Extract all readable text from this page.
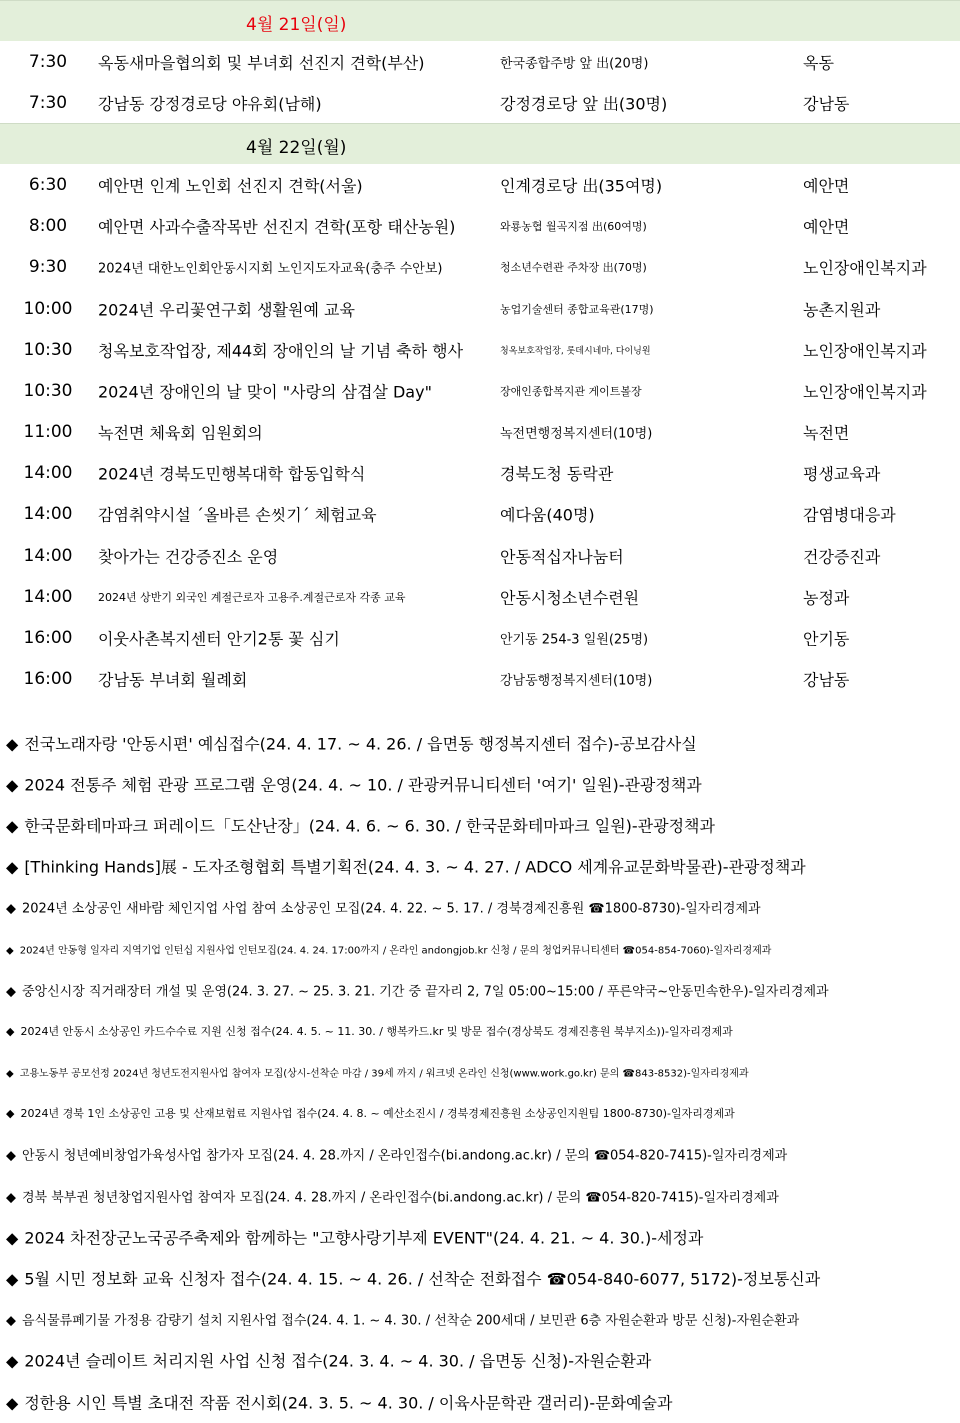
4월 21일(일)
7:30	옥동새마을협의회 및 부녀회 선진지 견학(부산)	한국종합주방 앞 出(20명)	옥동
7:30	강남동 강정경로당 야유회(남해)	강정경로당 앞 出(30명)	강남동
4월 22일(월)
6:30	예안면 인계 노인회 선진지 견학(서울)	인계경로당 出(35여명)	예안면
8:00	예안면 사과수출작목반 선진지 견학(포항 태산농원)	와룡농협 월곡지점 出(60여명)	예안면
9:30	2024년 대한노인회안동시지회 노인지도자교육(충주 수안보)	청소년수련관 주차장 出(70명)	노인장애인복지과
10:00 2024년 우리꽃연구회 생활원예 교육	농업기술센터 종합교육관(17명)	농촌지원과
10:30 청옥보호작업장, 제44회 장애인의 날 기념 축하 행사	청옥보호작업장, 롯데시네마, 다이닝원	노인장애인복지과
10:30 2024년 장애인의 날 맞이 "사랑의 삼겹살 Day"	장애인종합복지관 게이트볼장	노인장애인복지과
11:00 녹전면 체육회 임원회의	녹전면행정복지센터(10명)	녹전면
14:00 2024년 경북도민행복대학 합동입학식	경북도청 동락관	평생교육과
14:00 감염취약시설 ´올바른 손씻기´ 체험교육	예다움(40명)	감염병대응과
14:00 찾아가는 건강증진소 운영	안동적십자나눔터	건강증진과
14:00 2024년 상반기 외국인 계절근로자 고용주.계절근로자 각종 교육	안동시청소년수련원	농정과
16:00 이웃사촌복지센터 안기2통 꽃 심기	안기동 254-3 일원(25명)	안기동
16:00 강남동 부녀회 월례회	강남동행정복지센터(10명)	강남동
◆ 전국노래자랑 '안동시편' 예심접수(24. 4. 17. ~ 4. 26. / 읍면동 행정복지센터 접수)-공보감사실
◆ 2024 전통주 체험 관광 프로그램 운영(24. 4. ~ 10. / 관광커뮤니티센터 '여기' 일원)-관광정책과
◆ 한국문화테마파크 퍼레이드「도산난장」(24. 4. 6. ~ 6. 30. / 한국문화테마파크 일원)-관광정책과
◆ [Thinking Hands]展 - 도자조형협회 특별기획전(24. 4. 3. ~ 4. 27. / ADCO 세계유교문화박물관)-관광정책과
◆ 2024년 소상공인 새바람 체인지업 사업 참여 소상공인 모집(24. 4. 22. ~ 5. 17. / 경북경제진흥원 ☎1800-8730)-일자리경제과
◆ 2024년 안동형 일자리 지역기업 인턴십 지원사업 인턴모집(24. 4. 24. 17:00까지 / 온라인 andongjob.kr 신청 / 문의 청업커뮤니티센터 ☎054-854-7060)-일자리경제과
◆ 중앙신시장 직거래장터 개설 및 운영(24. 3. 27. ~ 25. 3. 21. 기간 중 끝자리 2, 7일 05:00~15:00 / 푸른약국~안동민속한우)-일자리경제과
◆ 2024년 안동시 소상공인 카드수수료 지원 신청 접수(24. 4. 5. ~ 11. 30. / 행복카드.kr 및 방문 접수(경상북도 경제진흥원 북부지소))-일자리경제과
◆ 고용노동부 공모선정 2024년 청년도전지원사업 참여자 모집(상시-선착순 마감 / 39세 까지 / 워크넷 온라인 신청(www.work.go.kr) 문의 ☎843-8532)-일자리경제과
◆ 2024년 경북 1인 소상공인 고용 및 산재보험료 지원사업 접수(24. 4. 8. ~ 예산소진시 / 경북경제진흥원 소상공인지원팀 1800-8730)-일자리경제과
◆ 안동시 청년예비창업가육성사업 참가자 모집(24. 4. 28.까지 / 온라인접수(bi.andong.ac.kr) / 문의 ☎054-820-7415)-일자리경제과
◆ 경북 북부권 청년창업지원사업 참여자 모집(24. 4. 28.까지 / 온라인접수(bi.andong.ac.kr) / 문의 ☎054-820-7415)-일자리경제과
◆ 2024 차전장군노국공주축제와 함께하는 "고향사랑기부제 EVENT"(24. 4. 21. ~ 4. 30.)-세정과
◆ 5월 시민 정보화 교육 신청자 접수(24. 4. 15. ~ 4. 26. / 선착순 전화접수 ☎054-840-6077, 5172)-정보통신과
◆ 음식물류폐기물 가정용 감량기 설치 지원사업 접수(24. 4. 1. ~ 4. 30. / 선착순 200세대 / 보민관 6층 자원순환과 방문 신청)-자원순환과
◆ 2024년 슬레이트 처리지원 사업 신청 접수(24. 3. 4. ~ 4. 30. / 읍면동 신청)-자원순환과
◆ 정한용 시인 특별 초대전 작품 전시회(24. 3. 5. ~ 4. 30. / 이육사문학관 갤러리)-문화예술과
